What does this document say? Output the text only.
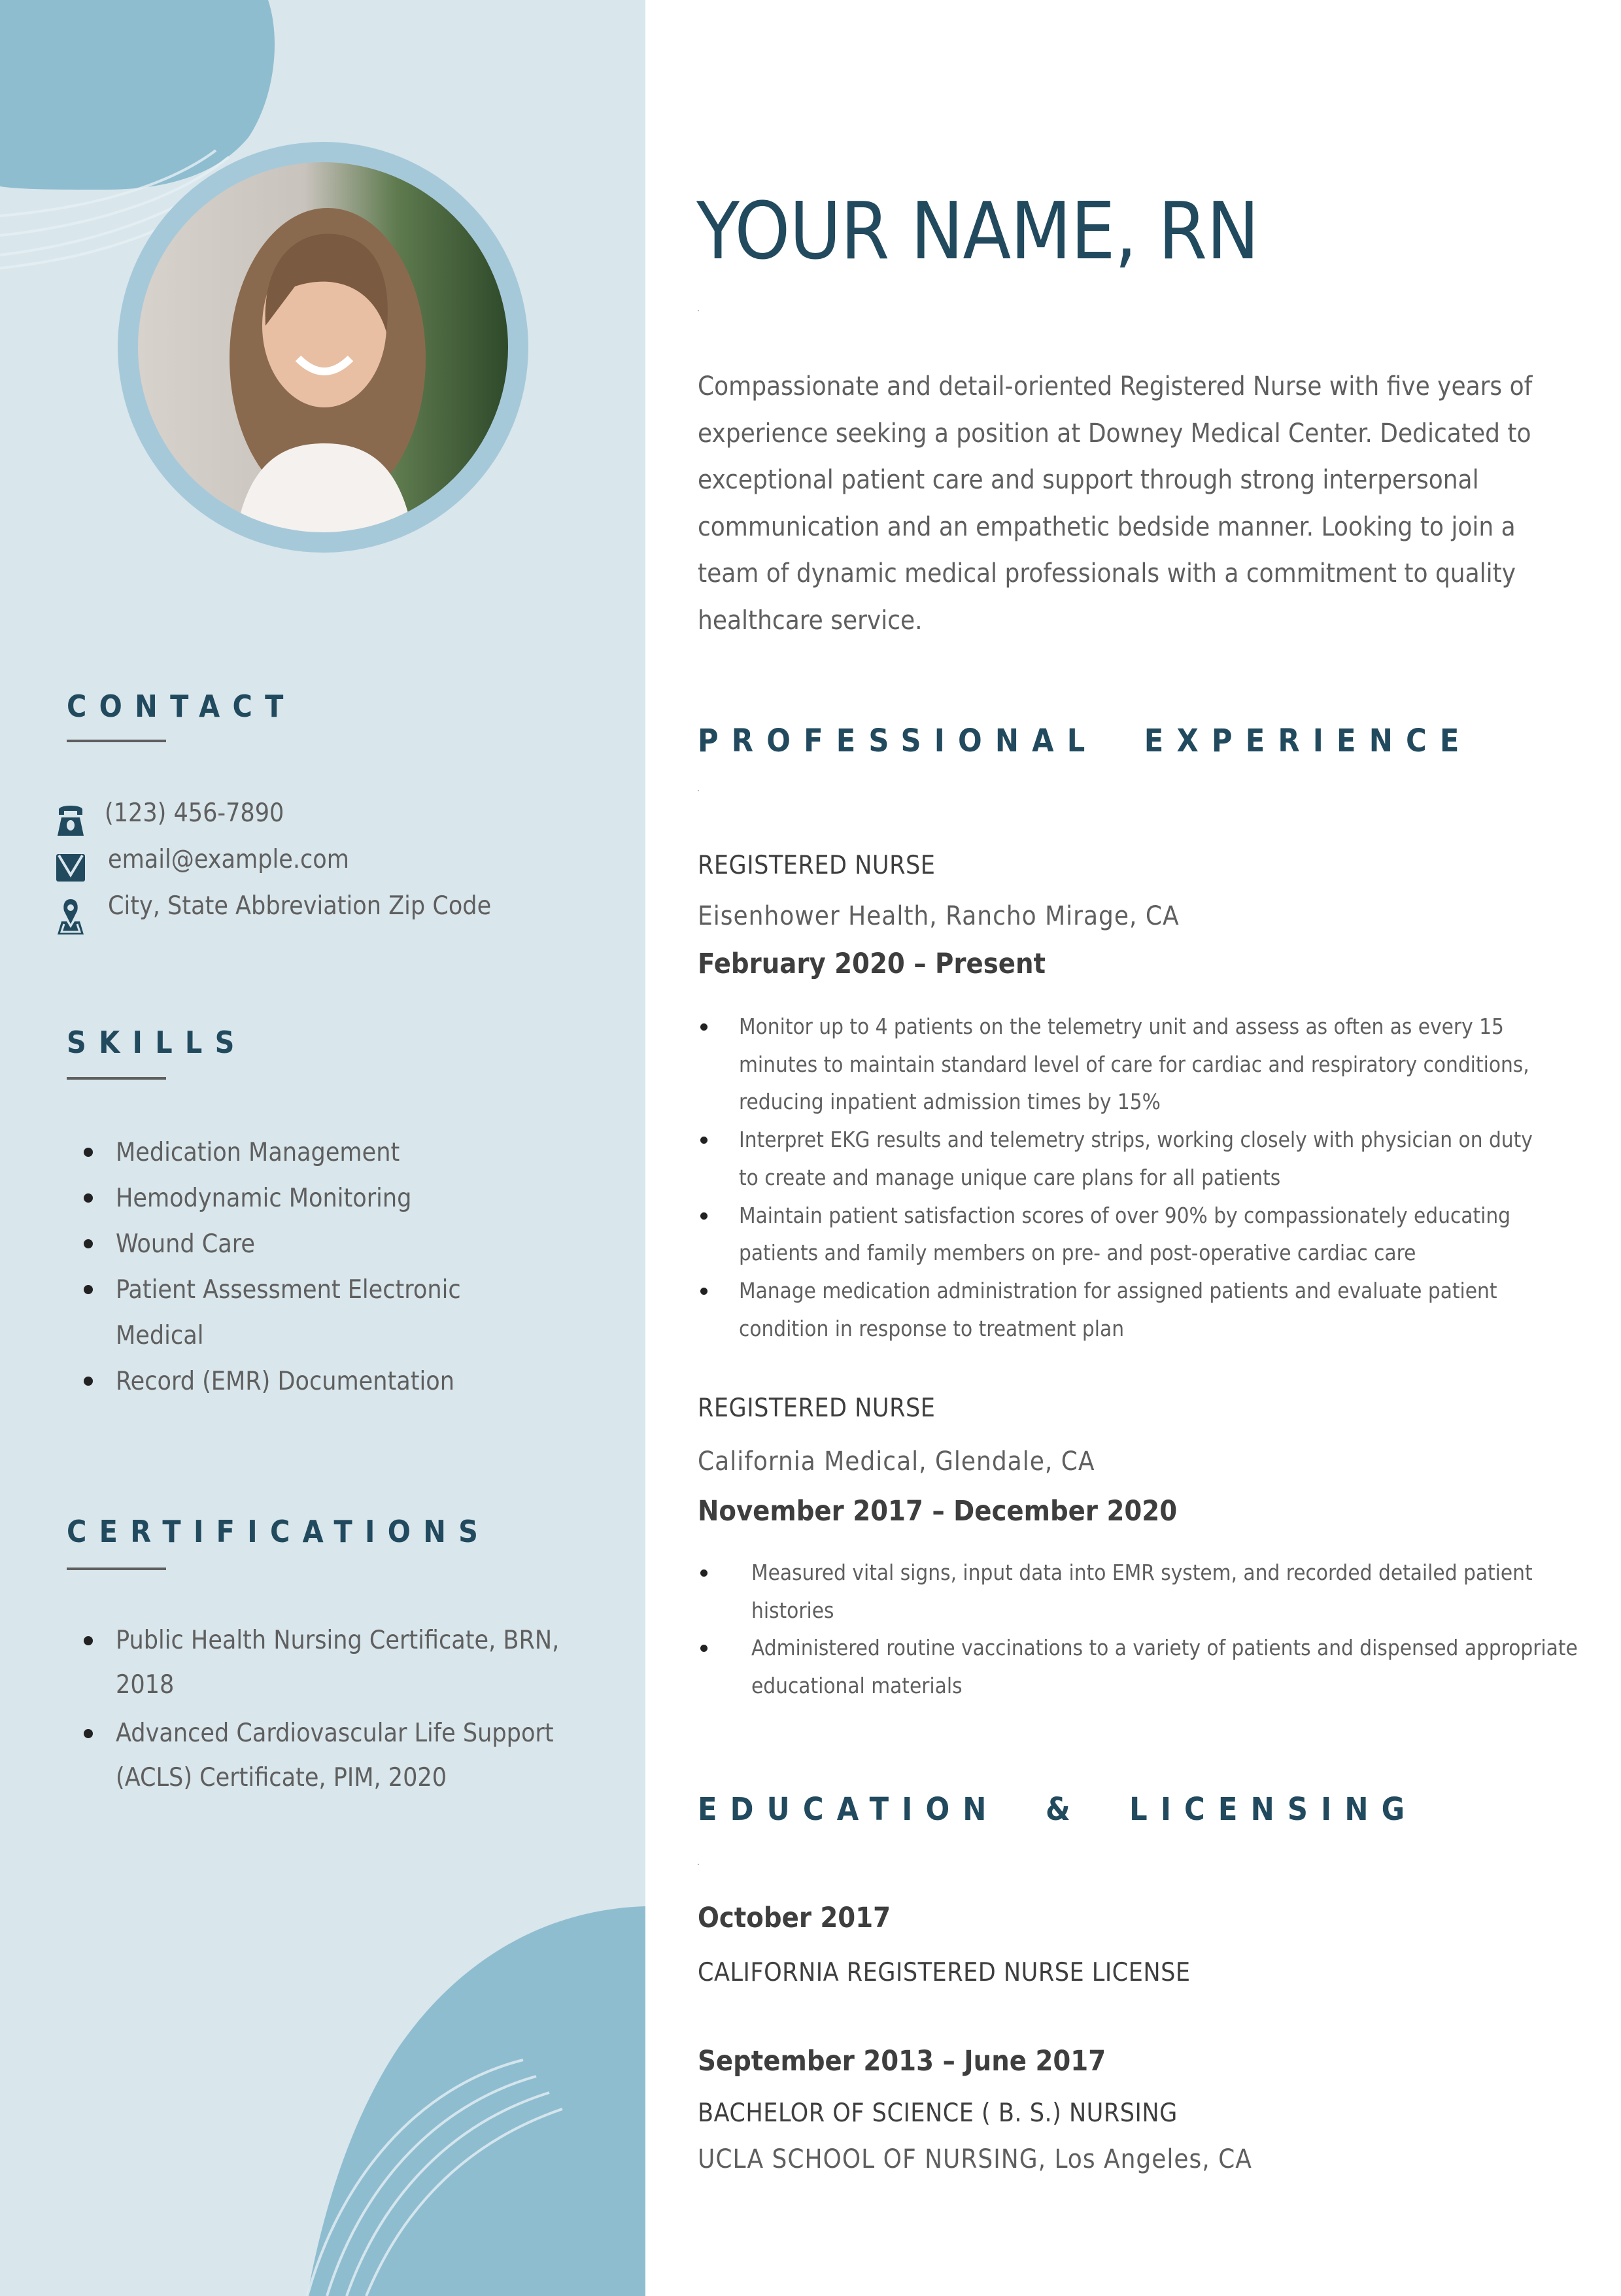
CONTACT
(123) 456-7890
email@example.com
City, State Abbreviation Zip Code
SKILLS
Medication Management
Hemodynamic Monitoring
Wound Care
Patient Assessment Electronic Medical
Record (EMR) Documentation
CERTIFICATIONS
Public Health Nursing Certificate, BRN, 2018
Advanced Cardiovascular Life Support (ACLS) Certificate, PIM, 2020
YOUR NAME, RN

Compassionate and detail-oriented Registered Nurse with five years of experience seeking a position at Downey Medical Center. Dedicated to exceptional patient care and support through strong interpersonal communication and an empathetic bedside manner. Looking to join a team of dynamic medical professionals with a commitment to quality healthcare service.

PROFESSIONAL  EXPERIENCE
REGISTERED NURSE
Eisenhower Health, Rancho Mirage, CA
February 2020 – Present
Monitor up to 4 patients on the telemetry unit and assess as often as every 15 minutes to maintain standard level of care for cardiac and respiratory conditions, reducing inpatient admission times by 15%
Interpret EKG results and telemetry strips, working closely with physician on duty to create and manage unique care plans for all patients
Maintain patient satisfaction scores of over 90% by compassionately educating patients and family members on pre- and post-operative cardiac care
Manage medication administration for assigned patients and evaluate patient condition in response to treatment plan
REGISTERED NURSE
California Medical, Glendale, CA
November 2017 – December 2020
Measured vital signs, input data into EMR system, and recorded detailed patient histories
Administered routine vaccinations to a variety of patients and dispensed appropriate educational materials
EDUCATION  &  LICENSING
October 2017
CALIFORNIA REGISTERED NURSE LICENSE
September 2013 – June 2017
BACHELOR OF SCIENCE ( B. S.) NURSING
UCLA SCHOOL OF NURSING, Los Angeles, CA
